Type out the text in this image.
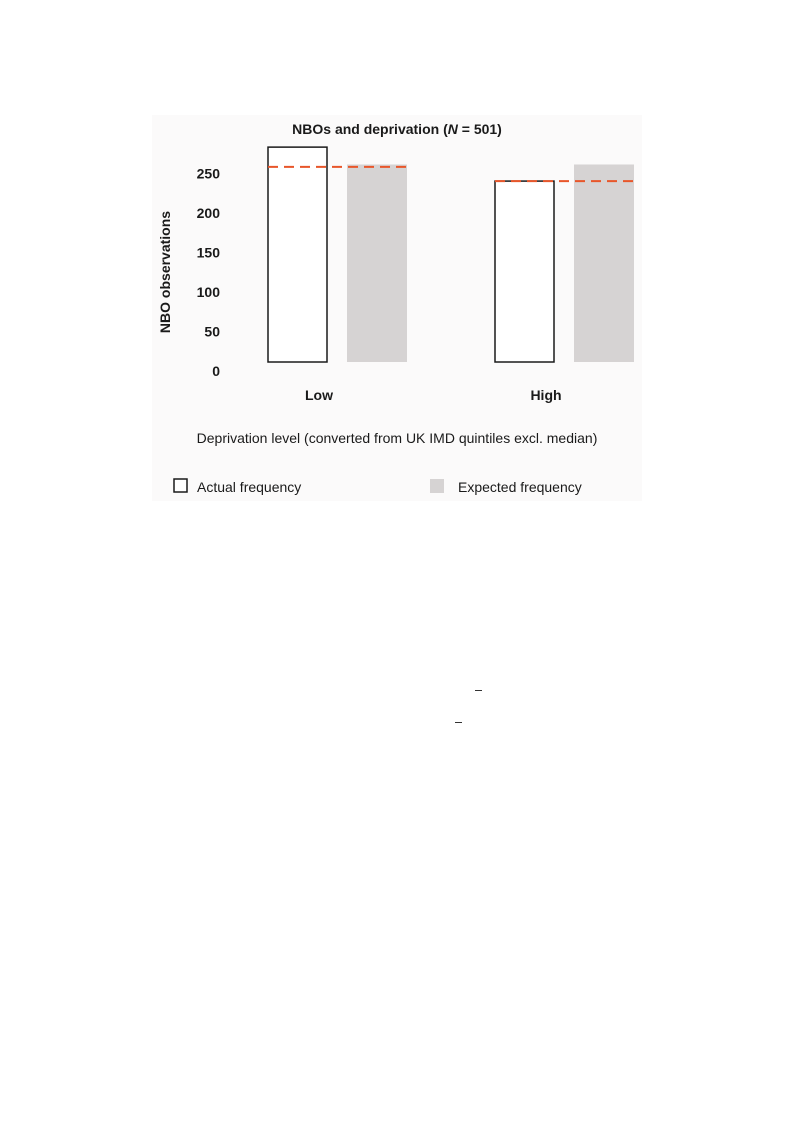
NBOs and deprivation (N = 501)
0
50
100
150
200
250
Low	High
NBO observations
Deprivation level (converted from UK IMD quintiles excl. median)
Actual frequency	Expected frequency
